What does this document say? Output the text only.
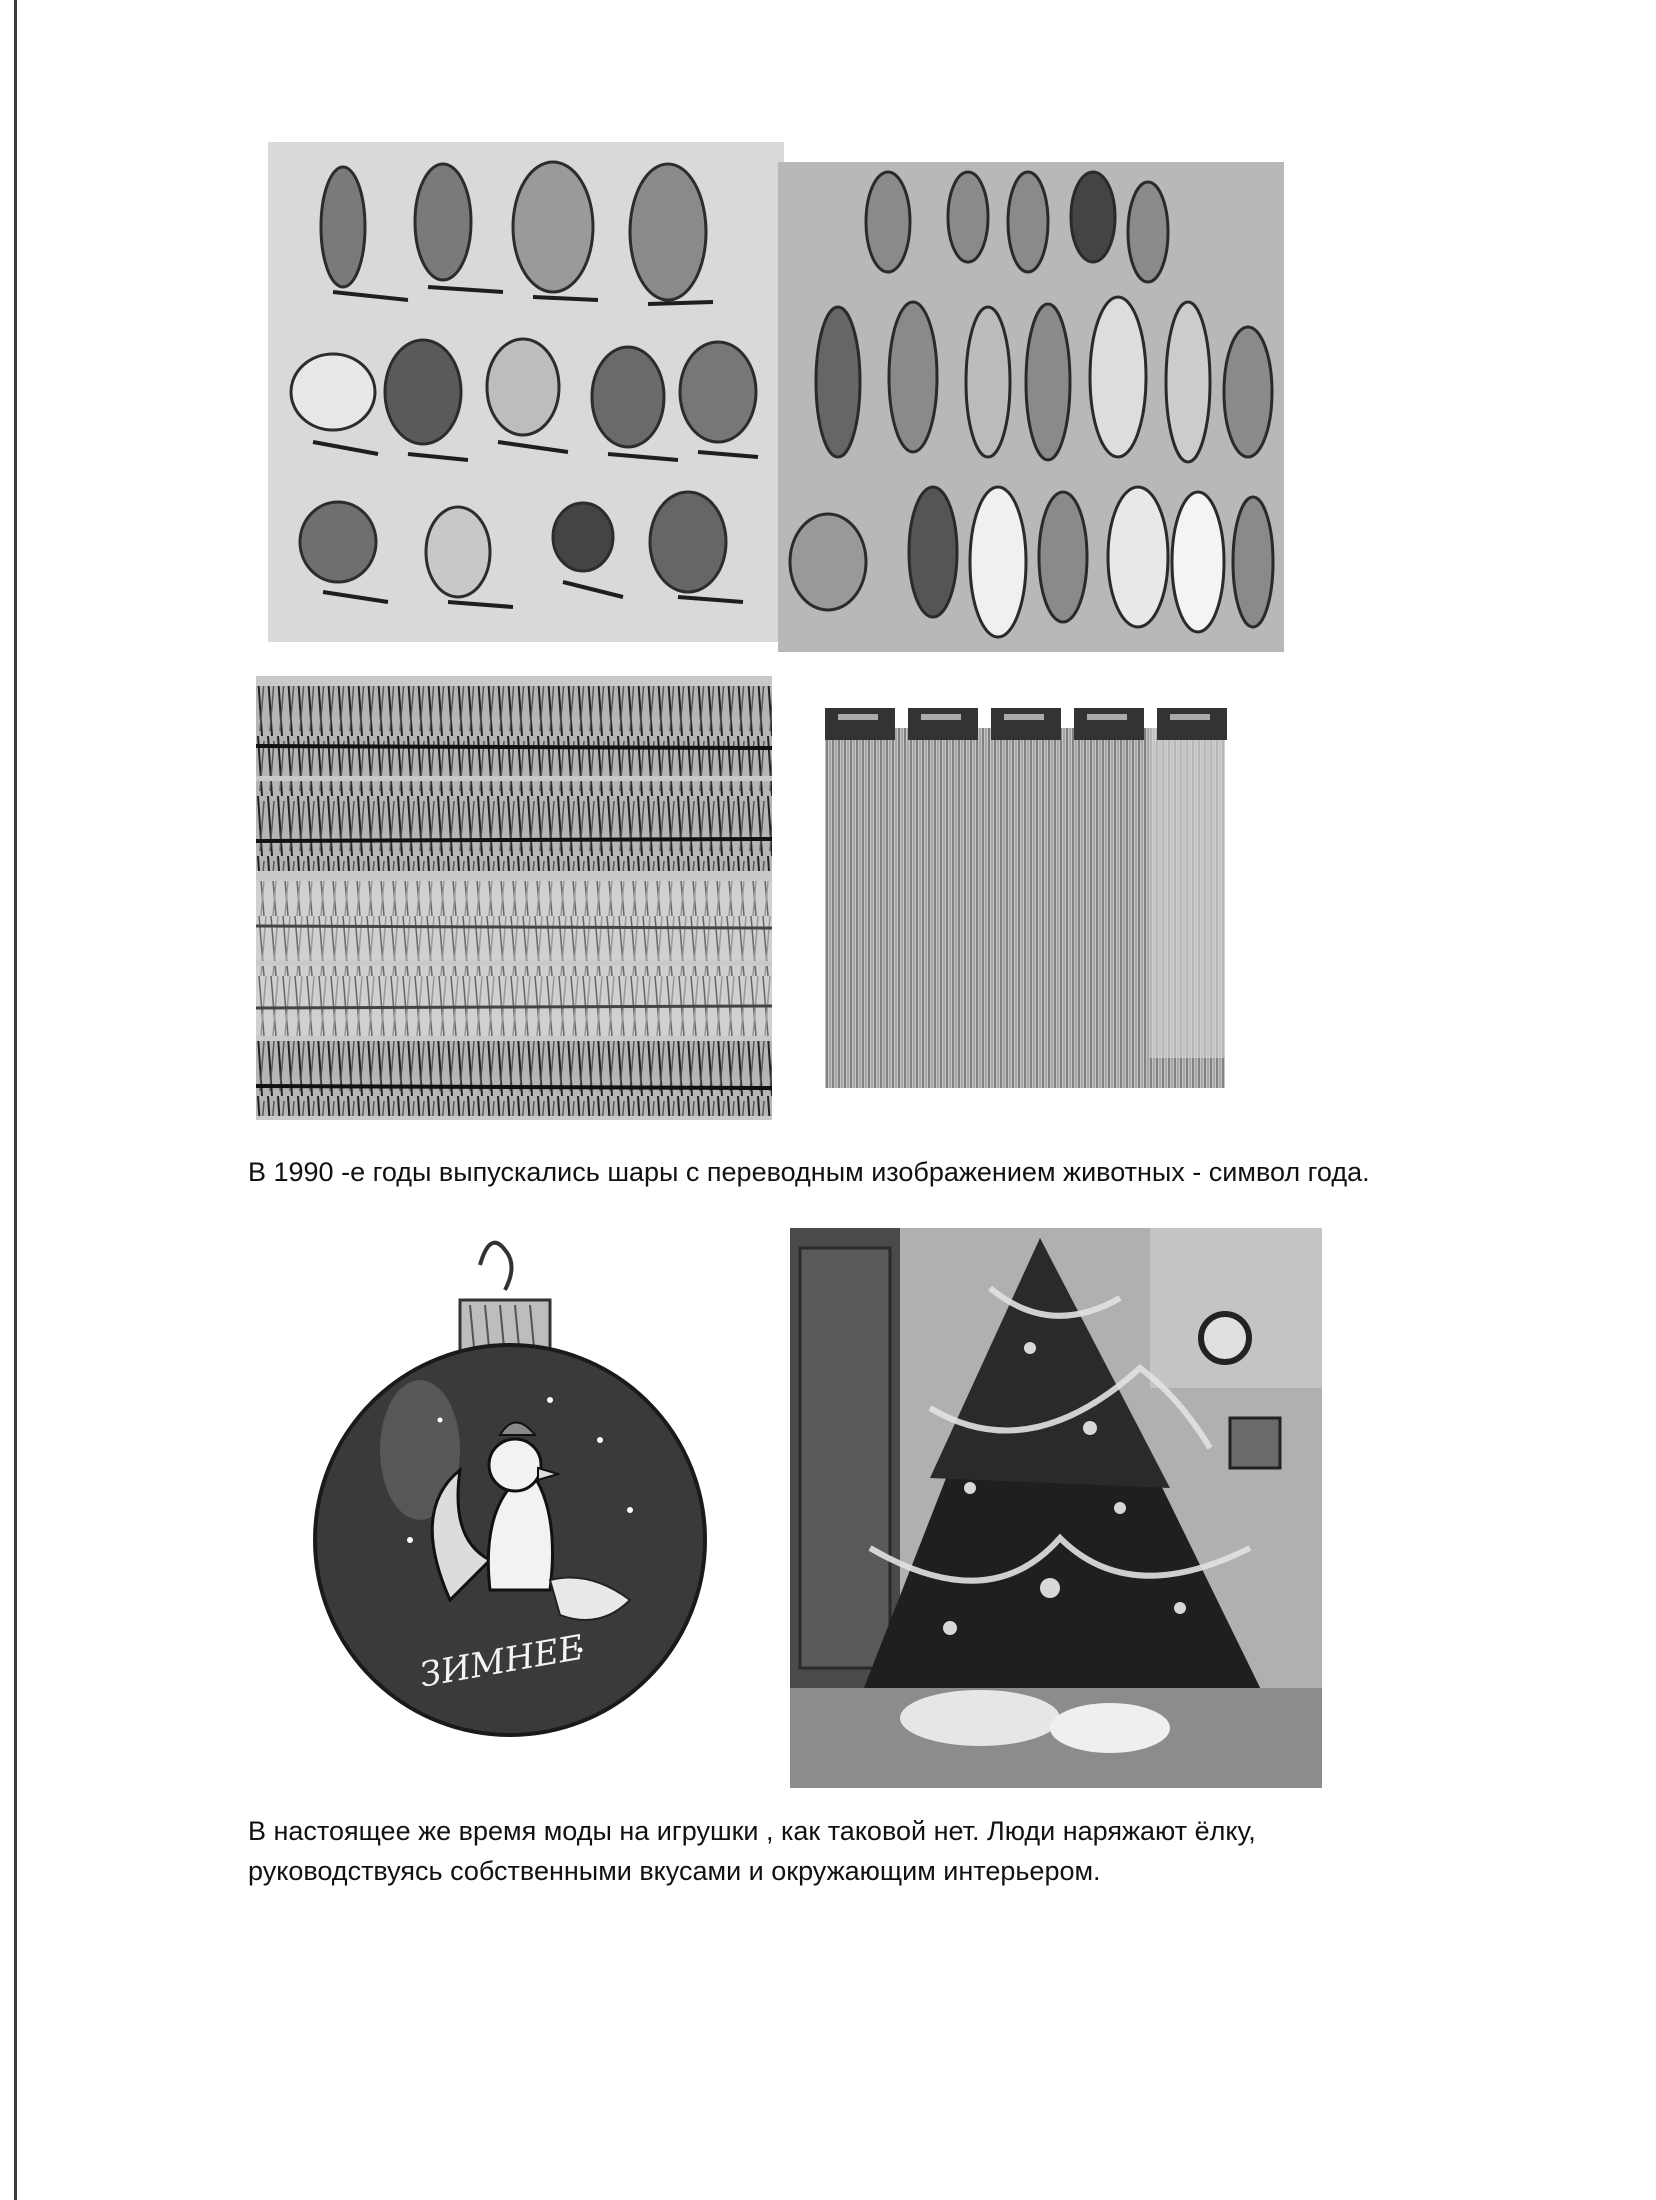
В 1990 -е годы выпускались шары с переводным изображением животных - символ года.
ЗИМНЕЕ
В настоящее же время моды на игрушки , как таковой нет. Люди наряжают ёлку,
руководствуясь собственными вкусами и окружающим интерьером.
